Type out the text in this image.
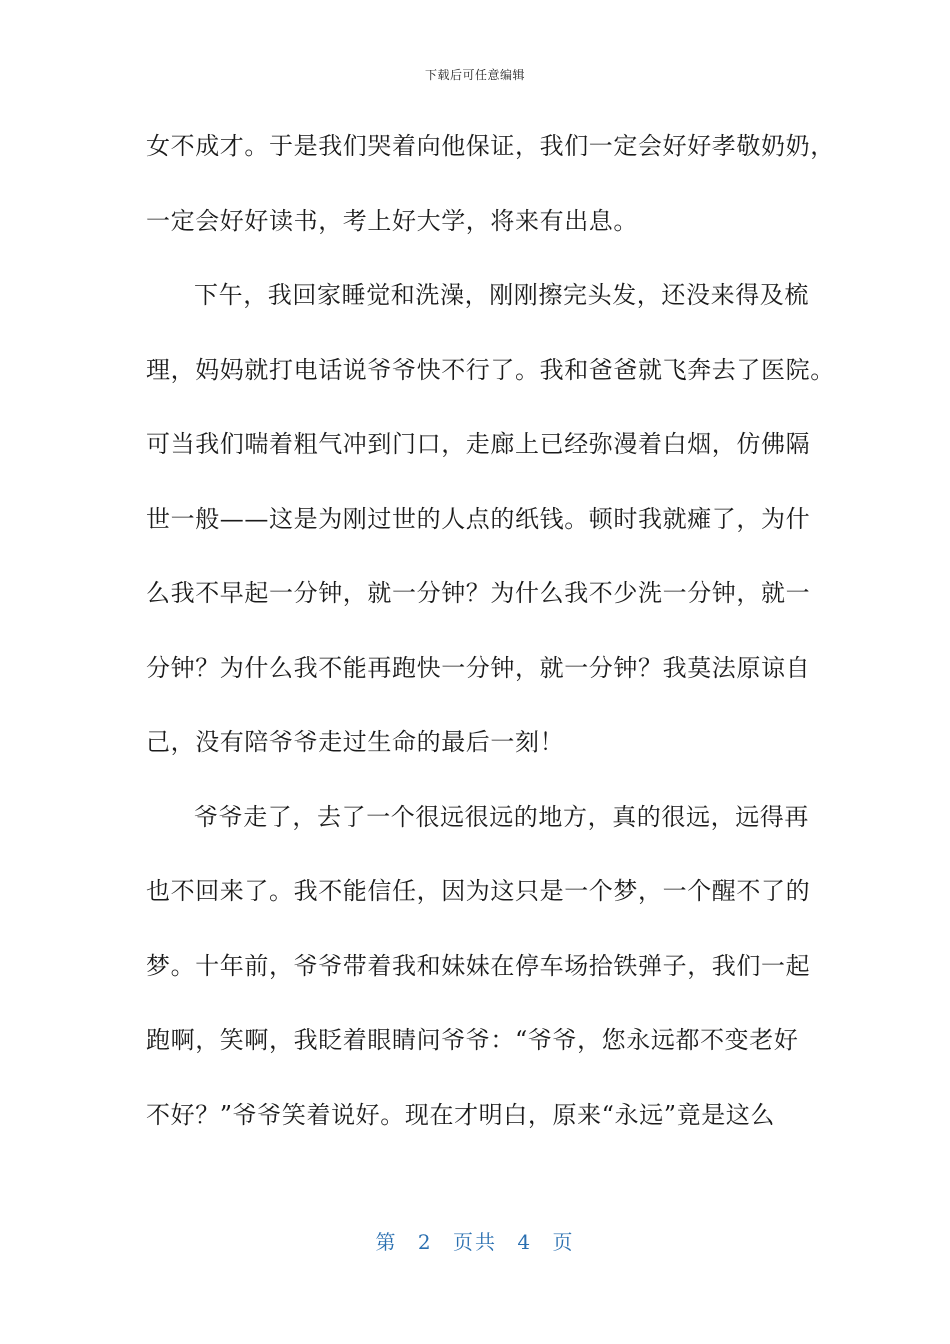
下载后可任意编辑
女不成才。于是我们哭着向他保证，我们一定会好好孝敬奶奶，
一定会好好读书，考上好大学，将来有出息。
下午，我回家睡觉和洗澡，刚刚擦完头发，还没来得及梳
理，妈妈就打电话说爷爷快不行了。我和爸爸就飞奔去了医院。
可当我们喘着粗气冲到门口，走廊上已经弥漫着白烟，仿佛隔
世一般——这是为刚过世的人点的纸钱。顿时我就瘫了，为什
么我不早起一分钟，就一分钟？为什么我不少洗一分钟，就一
分钟？为什么我不能再跑快一分钟，就一分钟？我莫法原谅自
己，没有陪爷爷走过生命的最后一刻！
爷爷走了，去了一个很远很远的地方，真的很远，远得再
也不回来了。我不能信任，因为这只是一个梦，一个醒不了的
梦。十年前，爷爷带着我和妹妹在停车场拾铁弹子，我们一起
跑啊，笑啊，我眨着眼睛问爷爷：“爷爷，您永远都不变老好
不好？”爷爷笑着说好。现在才明白，原来“永远”竟是这么
第 2 页共 4 页
